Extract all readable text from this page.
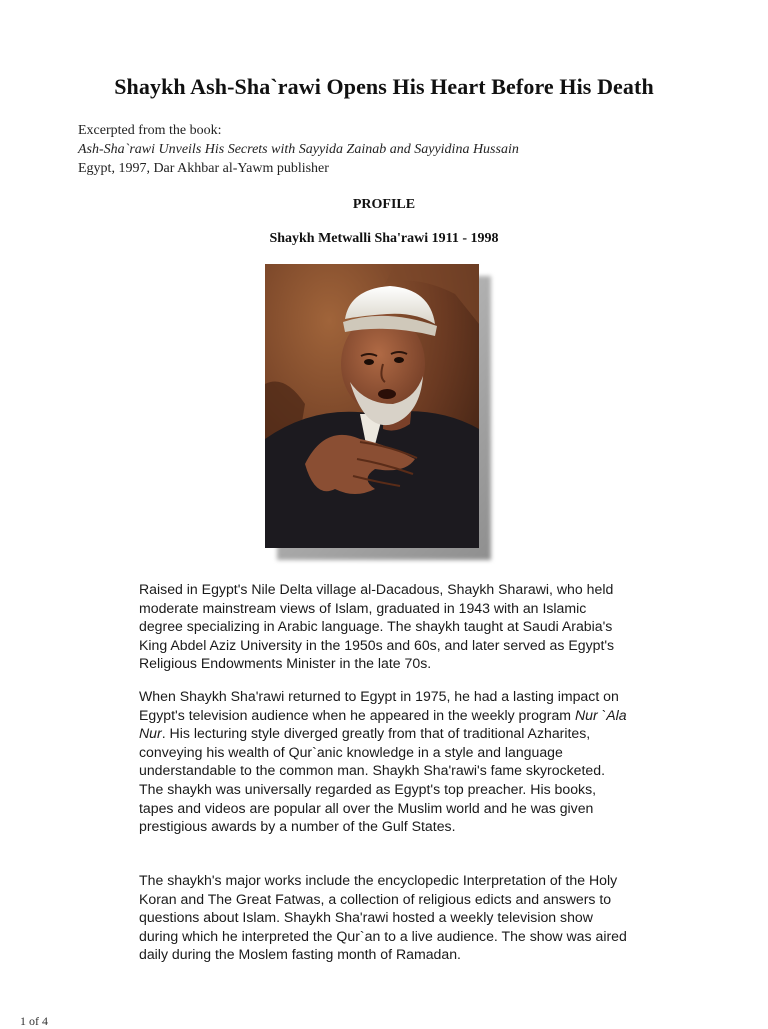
Shaykh Ash-Sha`rawi Opens His Heart Before His Death
Excerpted from the book:
Ash-Sha`rawi Unveils His Secrets with Sayyida Zainab and Sayyidina Hussain
Egypt, 1997, Dar Akhbar al-Yawm publisher
PROFILE
Shaykh Metwalli Sha'rawi 1911 - 1998

Raised in Egypt's Nile Delta village al-Dacadous, Shaykh Sharawi, who held moderate mainstream views of Islam, graduated in 1943 with an Islamic degree specializing in Arabic language. The shaykh taught at Saudi Arabia's King Abdel Aziz University in the 1950s and 60s, and later served as Egypt's Religious Endowments Minister in the late 70s.

When Shaykh Sha'rawi returned to Egypt in 1975, he had a lasting impact on Egypt's television audience when he appeared in the weekly program Nur `Ala Nur. His lecturing style diverged greatly from that of traditional Azharites, conveying his wealth of Qur`anic knowledge in a style and language understandable to the common man. Shaykh Sha'rawi's fame skyrocketed. The shaykh was universally regarded as Egypt's top preacher. His books, tapes and videos are popular all over the Muslim world and he was given prestigious awards by a number of the Gulf States.

The shaykh's major works include the encyclopedic Interpretation of the Holy Koran and The Great Fatwas, a collection of religious edicts and answers to questions about Islam. Shaykh Sha'rawi hosted a weekly television show during which he interpreted the Qur`an to a live audience. The show was aired daily during the Moslem fasting month of Ramadan.

1 of 4
